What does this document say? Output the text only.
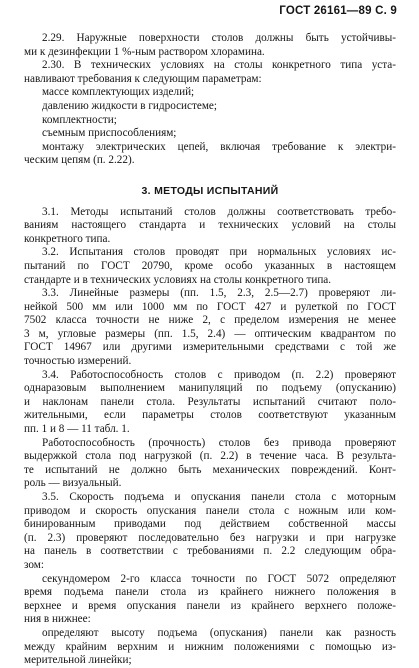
ГОСТ 26161—89 С. 9
2.29. Наружные поверхности столов должны быть устойчивы-
ми к дезинфекции 1 %-ным раствором хлорамина.
2.30. В технических условиях на столы конкретного типа уста-
навливают требования к следующим параметрам:
массе комплектующих изделий;
давлению жидкости в гидросистеме;
комплектности;
съемным приспособлениям;
монтажу электрических цепей, включая требование к электри-
ческим цепям (п. 2.22).
3. МЕТОДЫ ИСПЫТАНИЙ
3.1. Методы испытаний столов должны соответствовать требо-
ваниям настоящего стандарта и технических условий на столы
конкретного типа.
3.2. Испытания столов проводят при нормальных условиях ис-
пытаний по ГОСТ 20790, кроме особо указанных в настоящем
стандарте и в технических условиях на столы конкретного типа.
3.3. Линейные размеры (пп. 1.5, 2.3, 2.5—2.7) проверяют ли-
нейкой 500 мм или 1000 мм по ГОСТ 427 и рулеткой по ГОСТ
7502 класса точности не ниже 2, с пределом измерения не менее
3 м, угловые размеры (пп. 1.5, 2.4) — оптическим квадрантом по
ГОСТ 14967 или другими измерительными средствами с той же
точностью измерений.
3.4. Работоспособность столов с приводом (п. 2.2) проверяют
однаразовым выполнением манипуляций по подъему (опусканию)
и наклонам панели стола. Результаты испытаний считают поло-
жительными, если параметры столов соответствуют указанным
пп. 1 и 8 — 11 табл. 1.
Работоспособность (прочность) столов без привода проверяют
выдержкой стола под нагрузкой (п. 2.2) в течение часа. В результа-
те испытаний не должно быть механических повреждений. Конт-
роль — визуальный.
3.5. Скорость подъема и опускания панели стола с моторным
приводом и скорость опускания панели стола с ножным или ком-
бинированным приводами под действием собственной массы
(п. 2.3) проверяют последовательно без нагрузки и при нагрузке
на панель в соответствии с требованиями п. 2.2 следующим обра-
зом:
секундомером 2-го класса точности по ГОСТ 5072 определяют
время подъема панели стола из крайнего нижнего положения в
верхнее и время опускания панели из крайнего верхнего положе-
ния в нижнее:
определяют высоту подъема (опускания) панели как разность
между крайним верхним и нижним положениями с помощью из-
мерительной линейки;
